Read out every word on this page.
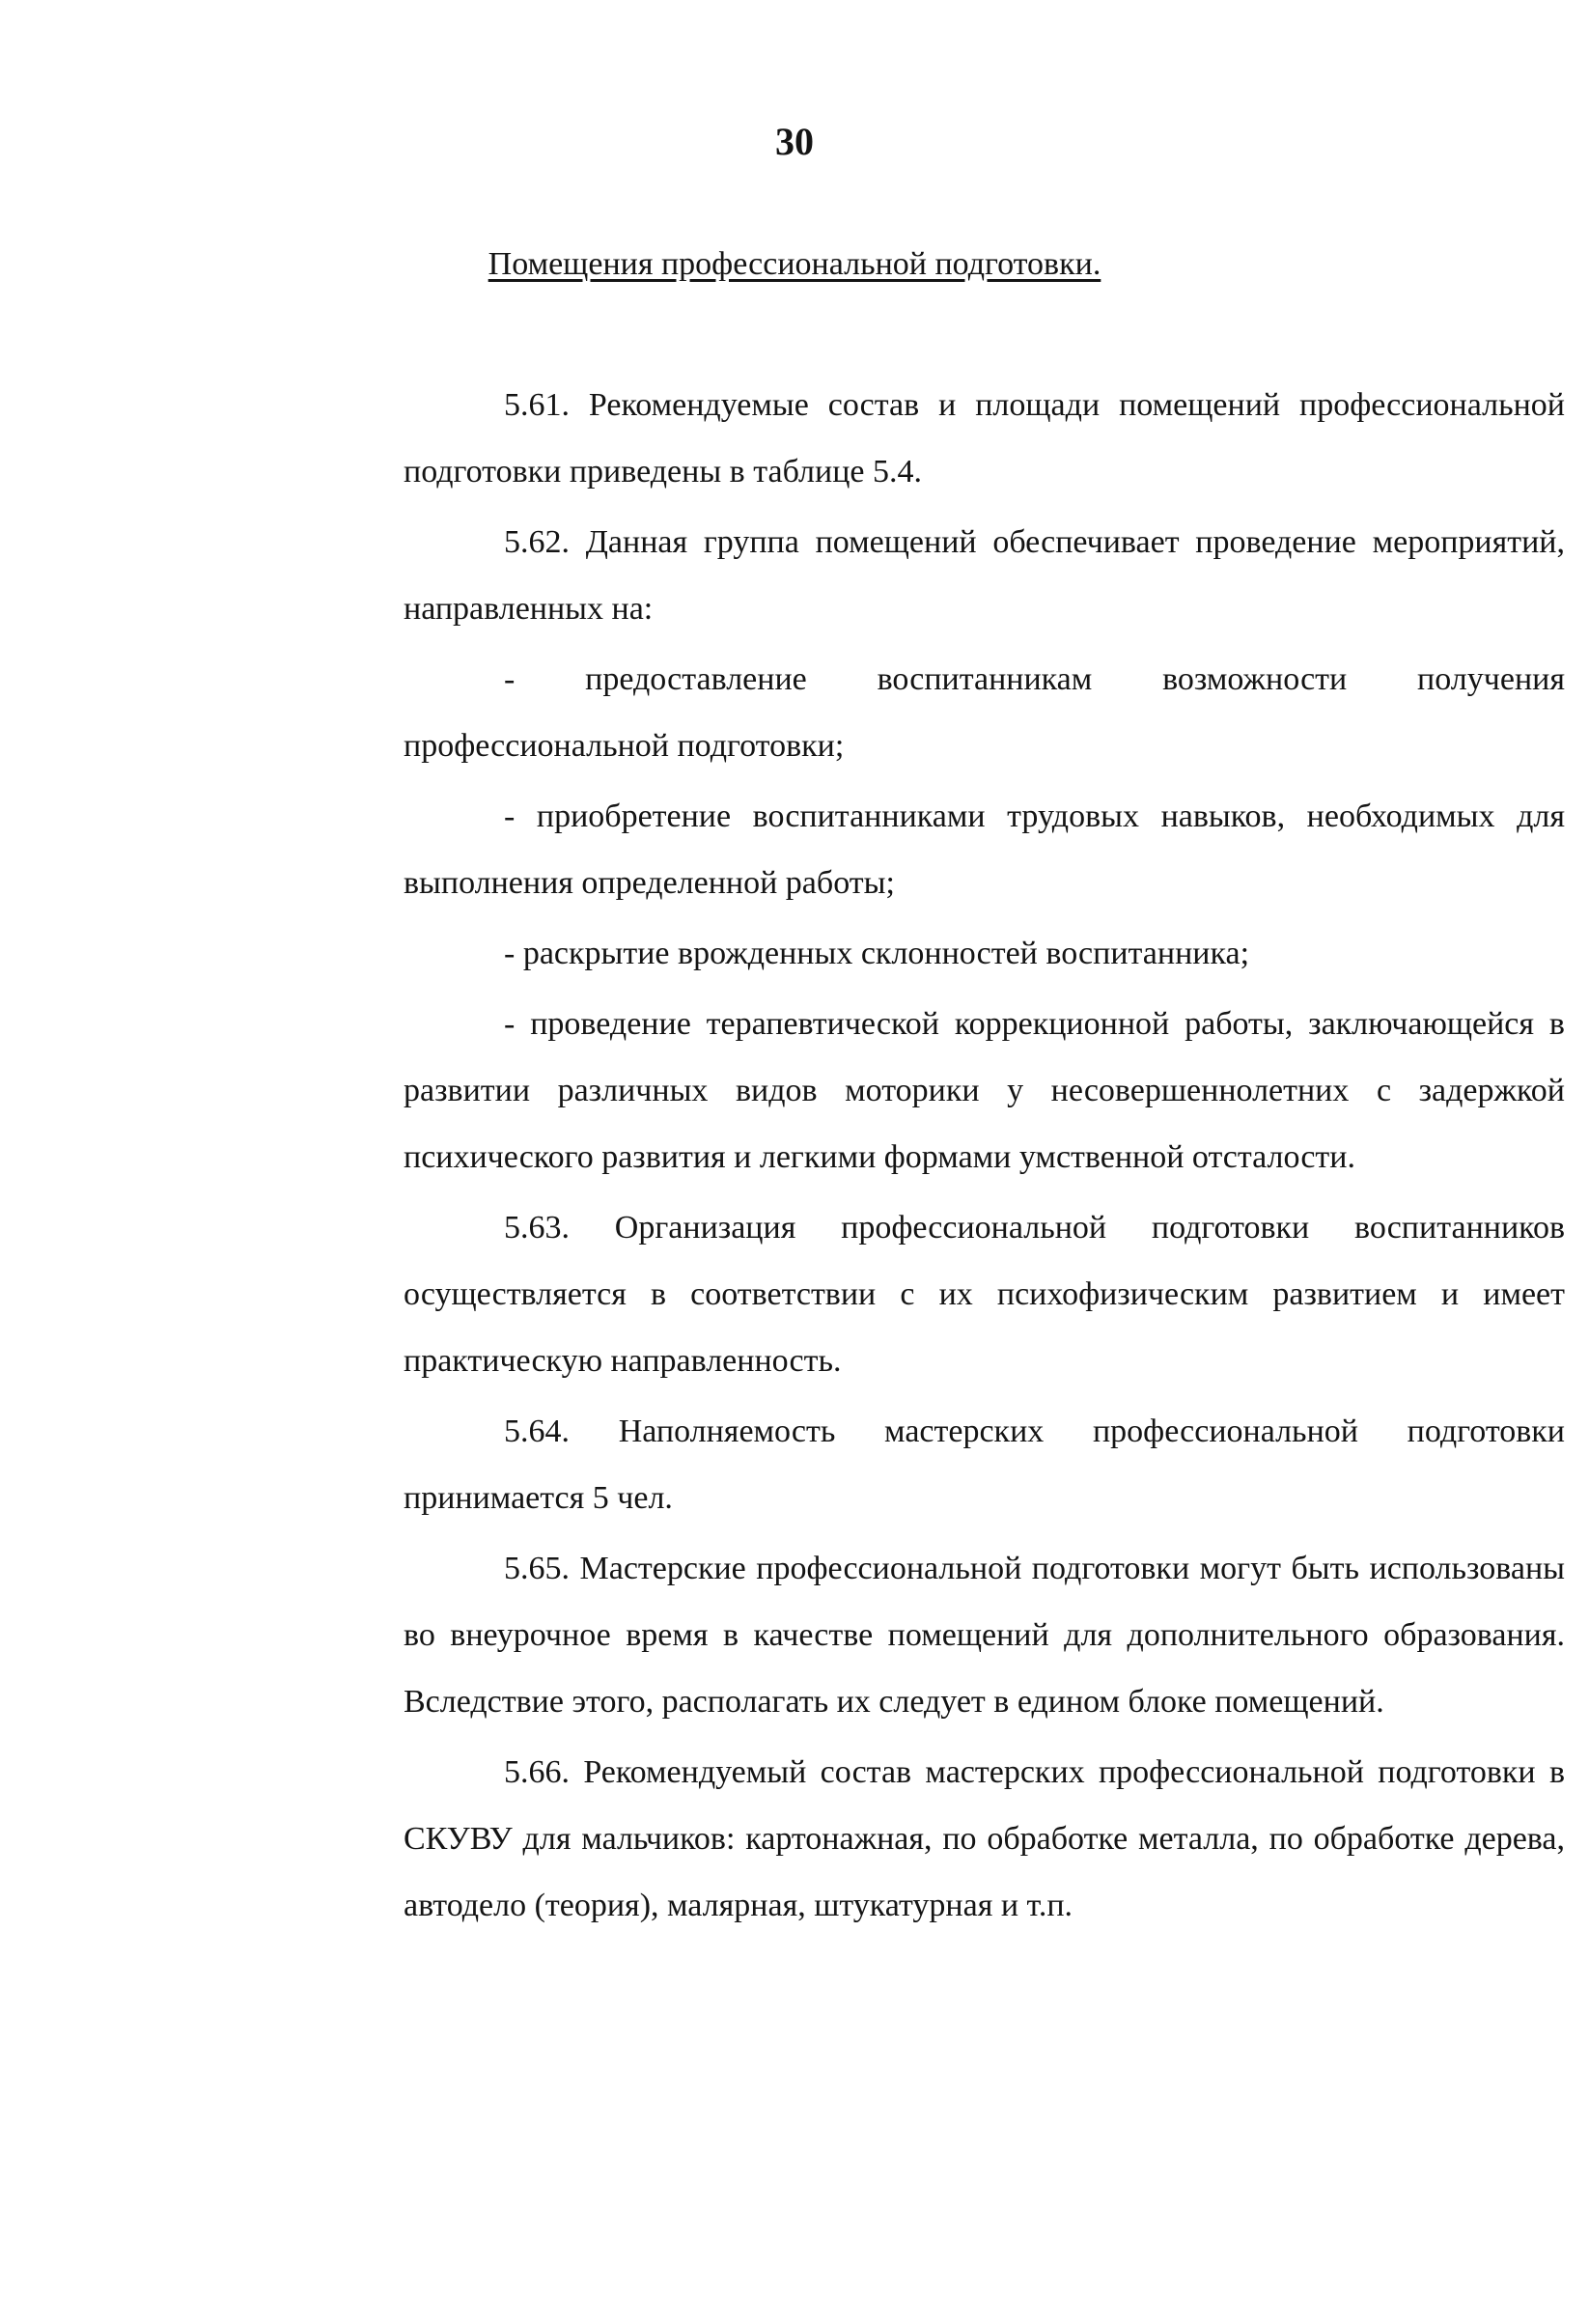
30
Помещения профессиональной подготовки.

5.61. Рекомендуемые состав и площади помещений профессиональной подготовки приведены в таблице 5.4.

5.62. Данная группа помещений обеспечивает проведение мероприятий, направленных на:

- предоставление воспитанникам возможности получения профессиональной подготовки;

- приобретение воспитанниками трудовых навыков, необходимых для выполнения определенной работы;

- раскрытие врожденных склонностей воспитанника;

- проведение терапевтической коррекционной работы, заключающейся в развитии различных видов моторики у несовершеннолетних с задержкой психического развития и легкими формами умственной отсталости.

5.63. Организация профессиональной подготовки воспитанников осуществляется в соответствии с их психофизическим развитием и имеет практическую направленность.

5.64. Наполняемость мастерских профессиональной подготовки принимается 5 чел.

5.65. Мастерские профессиональной подготовки могут быть использованы во внеурочное время в качестве помещений для дополнительного образования. Вследствие этого, располагать их следует в едином блоке помещений.

5.66. Рекомендуемый состав мастерских профессиональной подготовки в СКУВУ для мальчиков: картонажная, по обработке металла, по обработке дерева, автодело (теория), малярная, штукатурная и т.п.
